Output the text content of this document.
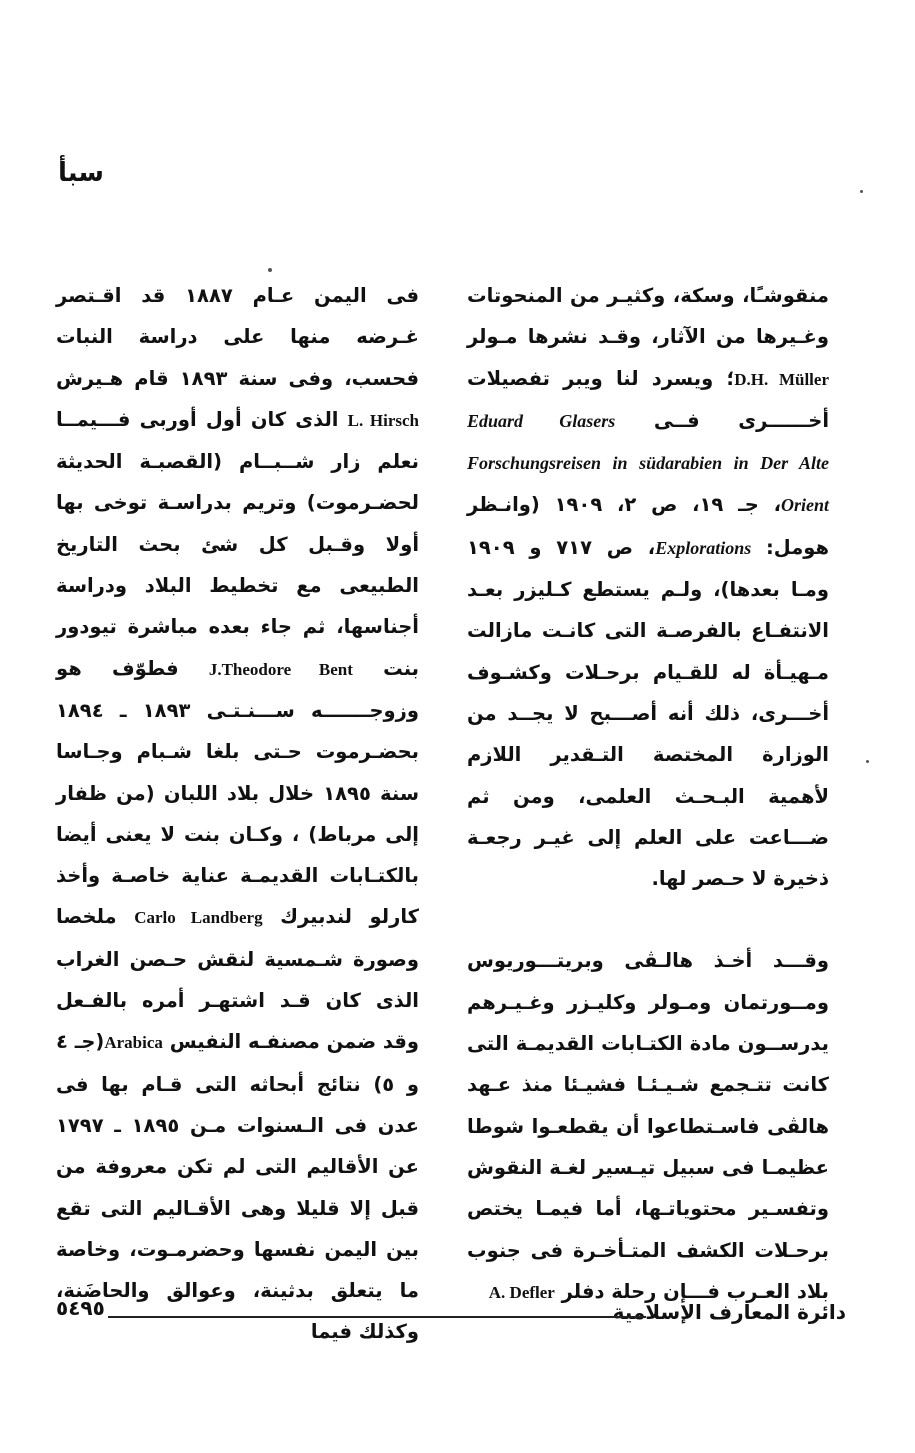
سبأ

منقوشـًا، وسكة، وكثيـر من المنحوتات وغـيرها من الآثار، وقـد نشرها مـولر D.H. Müller؛ ويسرد لنا ويبر تفصيلات أخــــــرى فــى Eduard Glasers Forschungsreisen in südarabien in Der Alte Orient، جـ ١٩، ص ٢، ١٩٠٩ (وانـظر هومل: Explorations، ص ٧١٧ و ١٩٠٩ ومـا بعدها)، ولـم يستطع كـليزر بعـد الانتفـاع بالفرصـة التى كانـت مازالت مـهيـأة له للقـيام برحـلات وكشـوف أخـــرى، ذلك أنه أصـــبح لا يجــد من الوزارة المختصة التـقدير اللازم لأهمية البـحـث العلمى، ومن ثم ضـــاعت على العلم إلى غيـر رجعـة ذخيرة لا حـصر لها.

وقـــد أخـذ هالـڤى وبريتـــوريوس ومــورتمان ومـولر وكليـزر وغـيـرهم يدرســون مادة الكتـابات القديمـة التى كانت تتـجمع شـيـئـا فشيـئا منذ عـهد هالڤى فاسـتطاعوا أن يقطعـوا شوطا عظيمـا فى سبيل تيـسير لغـة النقوش وتفسـير محتوياتـها، أما فيمـا يختص برحـلات الكشف المتـأخـرة فى جنوب بلاد العـرب فـــإن رحلة دفلر A. Defler

فى اليمن عـام ١٨٨٧ قد اقـتصر غـرضه منها على دراسة النبات فحسب، وفى سنة ١٨٩٣ قام هـيرش L. Hirsch الذى كان أول أوربى فـــيمــا نعلم زار شــبــام (القصبـة الحديثة لحضـرموت) وتريم بدراسـة توخى بها أولا وقـبل كل شئ بحث التاريخ الطبيعى مع تخطيط البلاد ودراسة أجناسها، ثم جاء بعده مباشرة تيودور بنت J.Theodore Bent فطوّف هو وزوجـــــــه ســـنـتـى ١٨٩٣ ـ ١٨٩٤ بحضـرموت حـتى بلغا شـبام وجـاسا سنة ١٨٩٥ خلال بلاد اللبان (من ظفار إلى مرباط) ، وكـان بنت لا يعنى أيضا بالكتـابات القديمـة عناية خاصـة وأخذ كارلو لندبيرك Carlo Landberg ملخصا وصورة شـمسية لنقش حـصن الغراب الذى كان قـد اشتهـر أمره بالفـعل وقد ضمن مصنفـه النفيس Arabica(جـ ٤ و ٥) نتائج أبحاثه التى قـام بها فى عدن فى الـسنوات مـن ١٨٩٥ ـ ١٧٩٧ عن الأقاليم التى لم تكن معروفة من قبل إلا قليلا وهى الأقـاليم التى تقع بين اليمن نفسها وحضرمـوت، وخاصة ما يتعلق بدثينة، وعوالق والحاضَنة، وكذلك فيما

دائرة المعارف الإسلامية
٥٤٩٥
